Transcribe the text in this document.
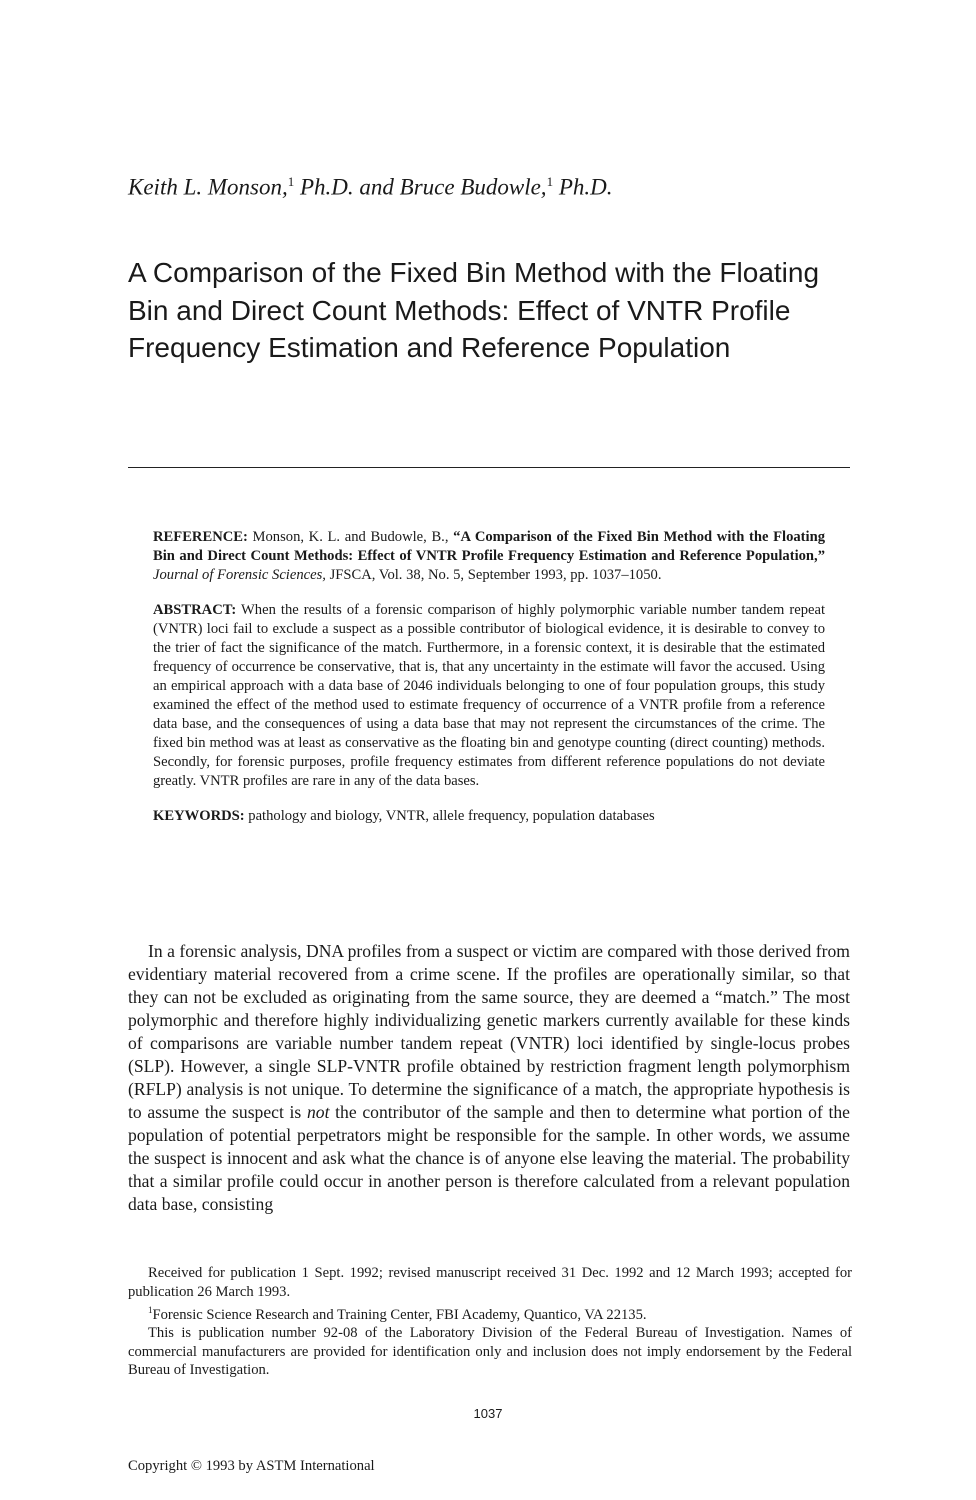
Keith L. Monson,$^1$ Ph.D. and Bruce Budowle,$^1$ Ph.D.
A Comparison of the Fixed Bin Method with the Floating Bin and Direct Count Methods: Effect of VNTR Profile Frequency Estimation and Reference Population

REFERENCE: Monson, K. L. and Budowle, B., “A Comparison of the Fixed Bin Method with the Floating Bin and Direct Count Methods: Effect of VNTR Profile Frequency Estimation and Reference Population,” Journal of Forensic Sciences, JFSCA, Vol. 38, No. 5, September 1993, pp. 1037–1050.

ABSTRACT: When the results of a forensic comparison of highly polymorphic variable number tandem repeat (VNTR) loci fail to exclude a suspect as a possible contributor of biological evidence, it is desirable to convey to the trier of fact the significance of the match. Furthermore, in a forensic context, it is desirable that the estimated frequency of occurrence be conservative, that is, that any uncertainty in the estimate will favor the accused. Using an empirical approach with a data base of 2046 individuals belonging to one of four population groups, this study examined the effect of the method used to estimate frequency of occurrence of a VNTR profile from a reference data base, and the consequences of using a data base that may not represent the circumstances of the crime. The fixed bin method was at least as conservative as the floating bin and genotype counting (direct counting) methods. Secondly, for forensic purposes, profile frequency estimates from different reference populations do not deviate greatly. VNTR profiles are rare in any of the data bases.

KEYWORDS: pathology and biology, VNTR, allele frequency, population databases

In a forensic analysis, DNA profiles from a suspect or victim are compared with those derived from evidentiary material recovered from a crime scene. If the profiles are operationally similar, so that they can not be excluded as originating from the same source, they are deemed a “match.” The most polymorphic and therefore highly individualizing genetic markers currently available for these kinds of comparisons are variable number tandem repeat (VNTR) loci identified by single-locus probes (SLP). However, a single SLP-VNTR profile obtained by restriction fragment length polymorphism (RFLP) analysis is not unique. To determine the significance of a match, the appropriate hypothesis is to assume the suspect is not the contributor of the sample and then to determine what portion of the population of potential perpetrators might be responsible for the sample. In other words, we assume the suspect is innocent and ask what the chance is of anyone else leaving the material. The probability that a similar profile could occur in another person is therefore calculated from a relevant population data base, consisting

Received for publication 1 Sept. 1992; revised manuscript received 31 Dec. 1992 and 12 March 1993; accepted for publication 26 March 1993.

$^1$Forensic Science Research and Training Center, FBI Academy, Quantico, VA 22135.

This is publication number 92-08 of the Laboratory Division of the Federal Bureau of Investigation. Names of commercial manufacturers are provided for identification only and inclusion does not imply endorsement by the Federal Bureau of Investigation.

1037
Copyright © 1993 by ASTM International
